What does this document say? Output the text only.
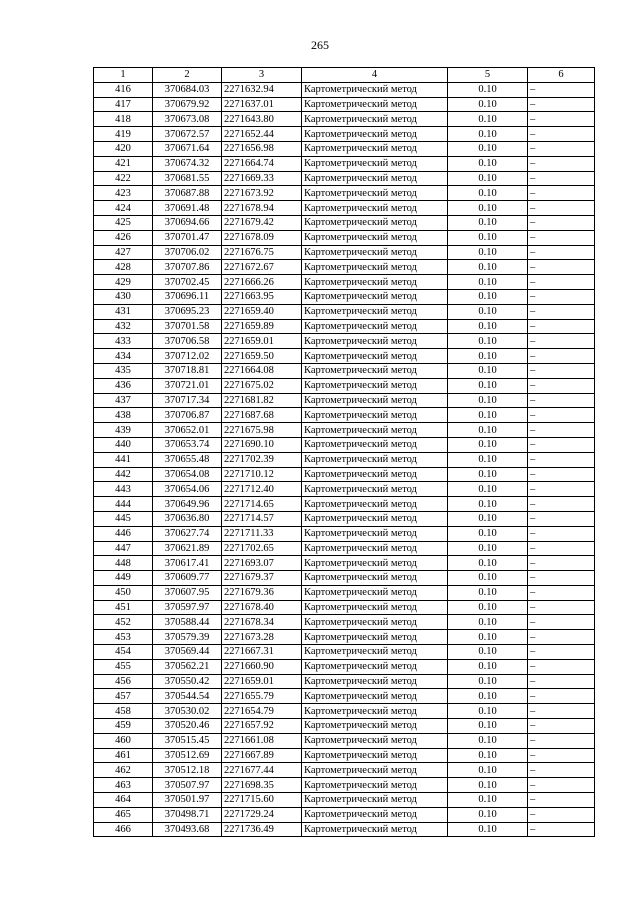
265
1	2	3	4	5	6
416	370684.03	2271632.94	Картометрический метод	0.10	–
417	370679.92	2271637.01	Картометрический метод	0.10	–
418	370673.08	2271643.80	Картометрический метод	0.10	–
419	370672.57	2271652.44	Картометрический метод	0.10	–
420	370671.64	2271656.98	Картометрический метод	0.10	–
421	370674.32	2271664.74	Картометрический метод	0.10	–
422	370681.55	2271669.33	Картометрический метод	0.10	–
423	370687.88	2271673.92	Картометрический метод	0.10	–
424	370691.48	2271678.94	Картометрический метод	0.10	–
425	370694.66	2271679.42	Картометрический метод	0.10	–
426	370701.47	2271678.09	Картометрический метод	0.10	–
427	370706.02	2271676.75	Картометрический метод	0.10	–
428	370707.86	2271672.67	Картометрический метод	0.10	–
429	370702.45	2271666.26	Картометрический метод	0.10	–
430	370696.11	2271663.95	Картометрический метод	0.10	–
431	370695.23	2271659.40	Картометрический метод	0.10	–
432	370701.58	2271659.89	Картометрический метод	0.10	–
433	370706.58	2271659.01	Картометрический метод	0.10	–
434	370712.02	2271659.50	Картометрический метод	0.10	–
435	370718.81	2271664.08	Картометрический метод	0.10	–
436	370721.01	2271675.02	Картометрический метод	0.10	–
437	370717.34	2271681.82	Картометрический метод	0.10	–
438	370706.87	2271687.68	Картометрический метод	0.10	–
439	370652.01	2271675.98	Картометрический метод	0.10	–
440	370653.74	2271690.10	Картометрический метод	0.10	–
441	370655.48	2271702.39	Картометрический метод	0.10	–
442	370654.08	2271710.12	Картометрический метод	0.10	–
443	370654.06	2271712.40	Картометрический метод	0.10	–
444	370649.96	2271714.65	Картометрический метод	0.10	–
445	370636.80	2271714.57	Картометрический метод	0.10	–
446	370627.74	2271711.33	Картометрический метод	0.10	–
447	370621.89	2271702.65	Картометрический метод	0.10	–
448	370617.41	2271693.07	Картометрический метод	0.10	–
449	370609.77	2271679.37	Картометрический метод	0.10	–
450	370607.95	2271679.36	Картометрический метод	0.10	–
451	370597.97	2271678.40	Картометрический метод	0.10	–
452	370588.44	2271678.34	Картометрический метод	0.10	–
453	370579.39	2271673.28	Картометрический метод	0.10	–
454	370569.44	2271667.31	Картометрический метод	0.10	–
455	370562.21	2271660.90	Картометрический метод	0.10	–
456	370550.42	2271659.01	Картометрический метод	0.10	–
457	370544.54	2271655.79	Картометрический метод	0.10	–
458	370530.02	2271654.79	Картометрический метод	0.10	–
459	370520.46	2271657.92	Картометрический метод	0.10	–
460	370515.45	2271661.08	Картометрический метод	0.10	–
461	370512.69	2271667.89	Картометрический метод	0.10	–
462	370512.18	2271677.44	Картометрический метод	0.10	–
463	370507.97	2271698.35	Картометрический метод	0.10	–
464	370501.97	2271715.60	Картометрический метод	0.10	–
465	370498.71	2271729.24	Картометрический метод	0.10	–
466	370493.68	2271736.49	Картометрический метод	0.10	–
